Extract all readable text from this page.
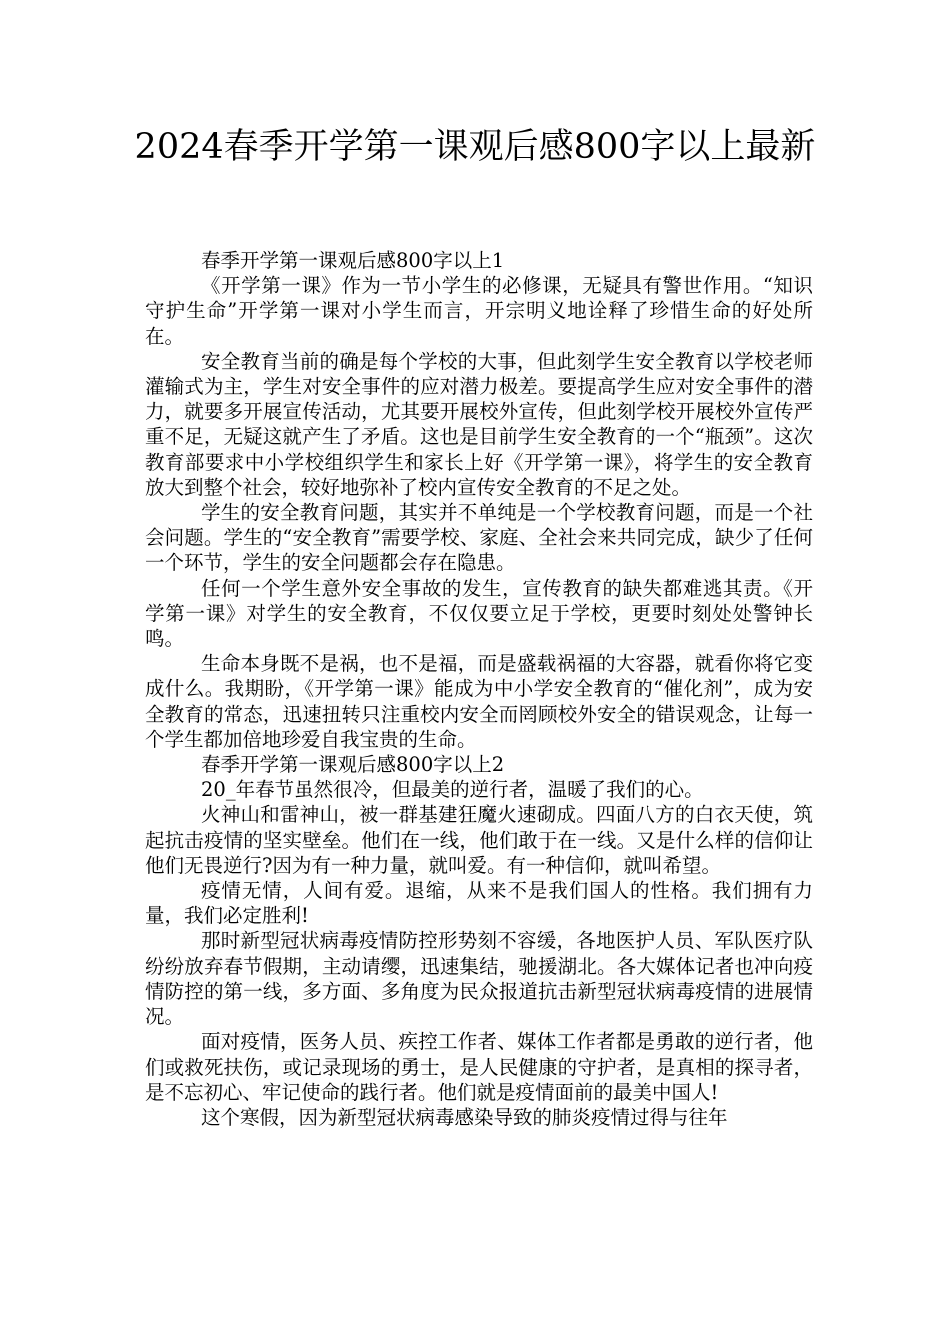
2024春季开学第一课观后感800字以上最新

春季开学第一课观后感800字以上1

《开学第一课》作为一节小学生的必修课，无疑具有警世作用。“知识守护生命”开学第一课对小学生而言，开宗明义地诠释了珍惜生命的好处所在。

安全教育当前的确是每个学校的大事，但此刻学生安全教育以学校老师灌输式为主，学生对安全事件的应对潜力极差。要提高学生应对安全事件的潜力，就要多开展宣传活动，尤其要开展校外宣传，但此刻学校开展校外宣传严重不足，无疑这就产生了矛盾。这也是目前学生安全教育的一个“瓶颈”。这次教育部要求中小学校组织学生和家长上好《开学第一课》，将学生的安全教育放大到整个社会，较好地弥补了校内宣传安全教育的不足之处。

学生的安全教育问题，其实并不单纯是一个学校教育问题，而是一个社会问题。学生的“安全教育”需要学校、家庭、全社会来共同完成，缺少了任何一个环节，学生的安全问题都会存在隐患。

任何一个学生意外安全事故的发生，宣传教育的缺失都难逃其责。《开学第一课》对学生的安全教育，不仅仅要立足于学校，更要时刻处处警钟长鸣。

生命本身既不是祸，也不是福，而是盛载祸福的大容器，就看你将它变成什么。我期盼，《开学第一课》能成为中小学安全教育的“催化剂”，成为安全教育的常态，迅速扭转只注重校内安全而罔顾校外安全的错误观念，让每一个学生都加倍地珍爱自我宝贵的生命。

春季开学第一课观后感800字以上2

20_年春节虽然很冷，但最美的逆行者，温暖了我们的心。

火神山和雷神山，被一群基建狂魔火速砌成。四面八方的白衣天使，筑起抗击疫情的坚实壁垒。他们在一线，他们敢于在一线。又是什么样的信仰让他们无畏逆行?因为有一种力量，就叫爱。有一种信仰，就叫希望。

疫情无情，人间有爱。退缩，从来不是我们国人的性格。我们拥有力量，我们必定胜利!

那时新型冠状病毒疫情防控形势刻不容缓，各地医护人员、军队医疗队纷纷放弃春节假期，主动请缨，迅速集结，驰援湖北。各大媒体记者也冲向疫情防控的第一线，多方面、多角度为民众报道抗击新型冠状病毒疫情的进展情况。

面对疫情，医务人员、疾控工作者、媒体工作者都是勇敢的逆行者，他们或救死扶伤，或记录现场的勇士，是人民健康的守护者，是真相的探寻者，是不忘初心、牢记使命的践行者。他们就是疫情面前的最美中国人!

这个寒假，因为新型冠状病毒感染导致的肺炎疫情过得与往年
